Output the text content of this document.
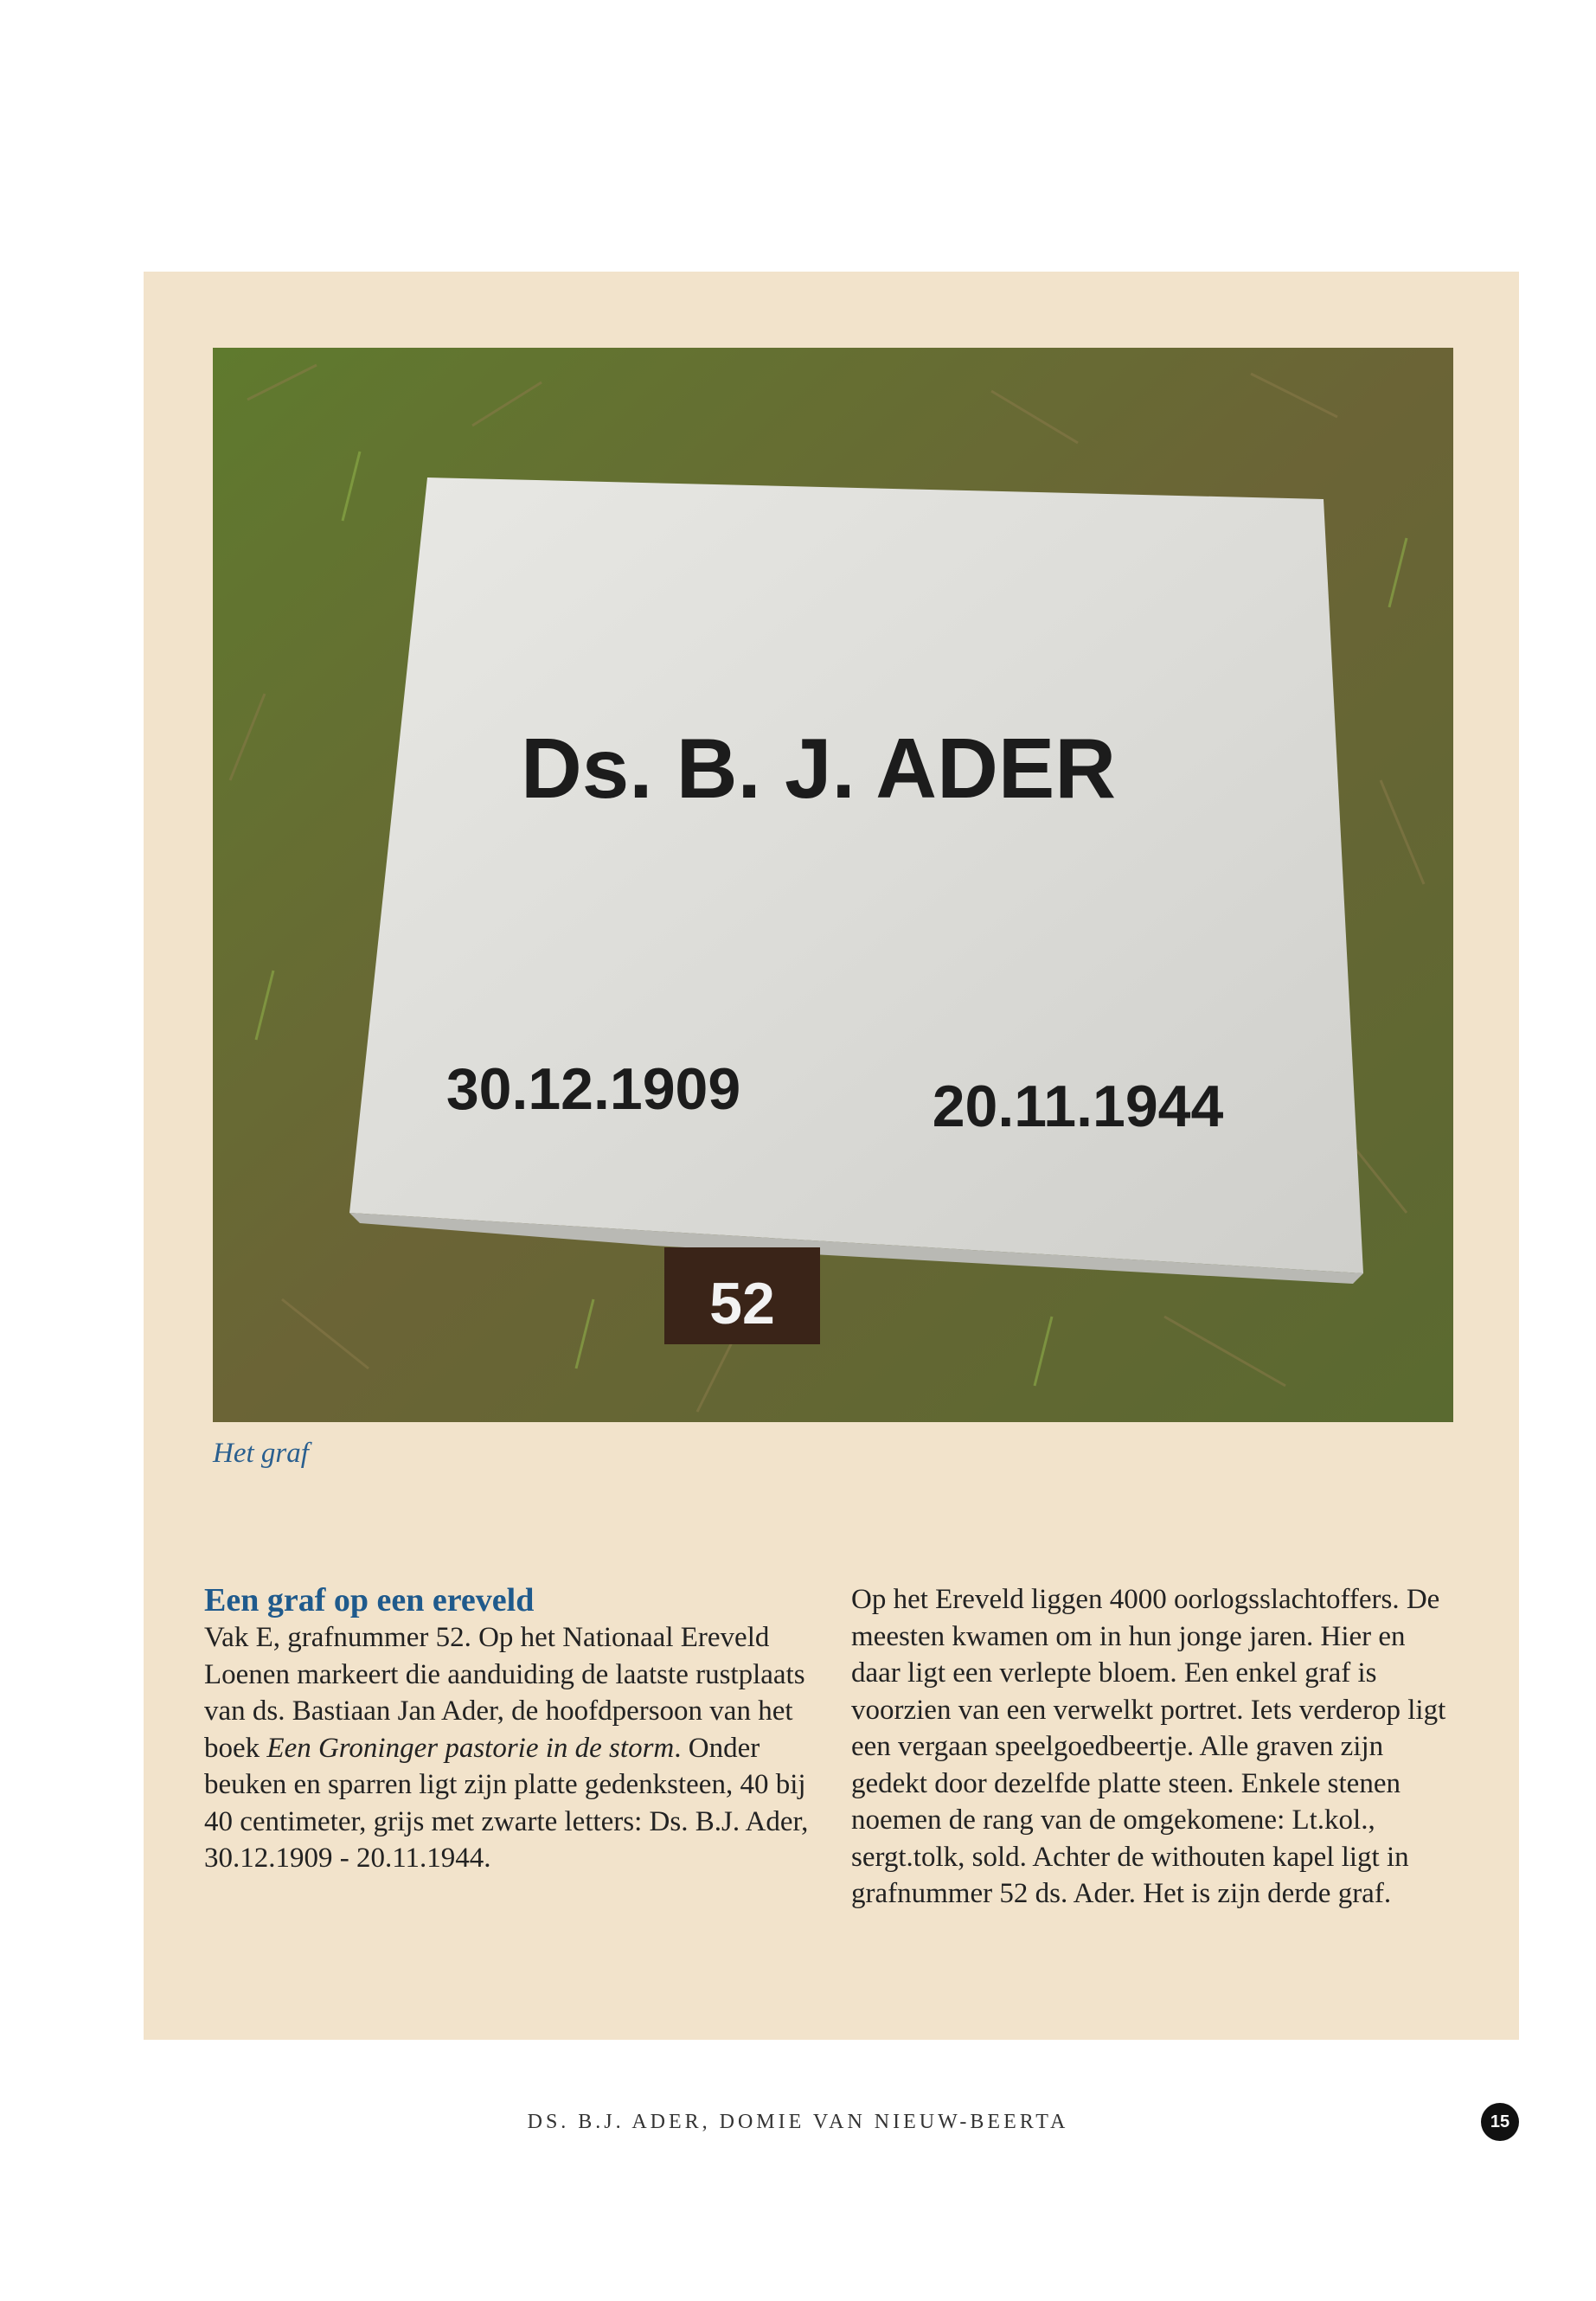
52
Ds. B. J. ADER
30.12.1909	20.11.1944
Het graf
Een graf op een ereveld
Vak E, grafnummer 52. Op het Nationaal Ereveld Loenen markeert die aanduiding de laatste rustplaats van ds. Bastiaan Jan Ader, de hoofdpersoon van het boek Een Groninger pastorie in de storm. Onder beuken en sparren ligt zijn platte gedenksteen, 40 bij 40 centimeter, grijs met zwarte letters: Ds. B.J. Ader, 30.12.1909 - 20.11.1944.
Op het Ereveld liggen 4000 oorlogsslachtoffers. De meesten kwamen om in hun jonge jaren. Hier en daar ligt een verlepte bloem. Een enkel graf is voorzien van een verwelkt portret. Iets verderop ligt een vergaan speelgoedbeertje. Alle graven zijn gedekt door dezelfde platte steen. Enkele stenen noemen de rang van de omgekomene: Lt.kol., sergt.tolk, sold. Achter de withouten kapel ligt in grafnummer 52 ds. Ader. Het is zijn derde graf.
DS. B.J. ADER, DOMIE VAN NIEUW-BEERTA	15
